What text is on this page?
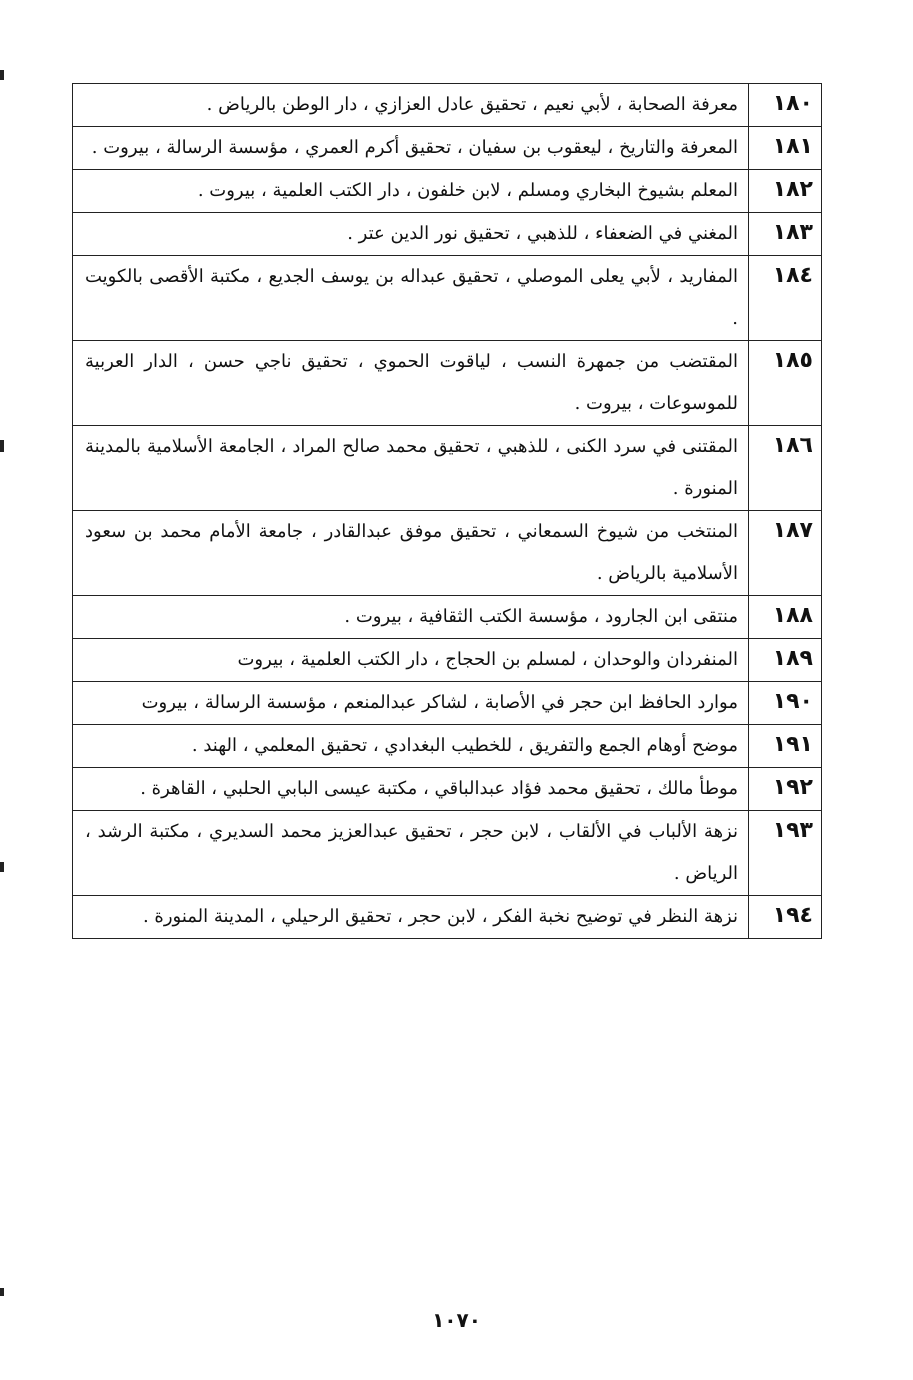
١٨٠	معرفة الصحابة ، لأبي نعيم ، تحقيق عادل العزازي ، دار الوطن بالرياض .
١٨١	المعرفة والتاريخ ، ليعقوب بن سفيان ، تحقيق أكرم العمري ، مؤسسة الرسالة ، بيروت .
١٨٢	المعلم بشيوخ البخاري ومسلم ، لابن خلفون ، دار الكتب العلمية ، بيروت .
١٨٣	المغني في الضعفاء ، للذهبي ، تحقيق نور الدين عتر .
١٨٤	المفاريد ، لأبي يعلى الموصلي ، تحقيق عبداله بن يوسف الجديع ، مكتبة الأقصى بالكويت .
١٨٥	المقتضب من جمهرة النسب ، لياقوت الحموي ، تحقيق ناجي حسن ، الدار العربية للموسوعات ، بيروت .
١٨٦	المقتنى في سرد الكنى ، للذهبي ، تحقيق محمد صالح المراد ، الجامعة الأسلامية بالمدينة المنورة .
١٨٧	المنتخب من شيوخ السمعاني ، تحقيق موفق عبدالقادر ، جامعة الأمام محمد بن سعود الأسلامية بالرياض .
١٨٨	منتقى ابن الجارود ، مؤسسة الكتب الثقافية ، بيروت .
١٨٩	المنفردان والوحدان ، لمسلم بن الحجاج ، دار الكتب العلمية ، بيروت
١٩٠	موارد الحافظ ابن حجر في الأصابة ، لشاكر عبدالمنعم ، مؤسسة الرسالة ، بيروت
١٩١	موضح أوهام الجمع والتفريق ، للخطيب البغدادي ، تحقيق المعلمي ، الهند .
١٩٢	موطأ مالك ، تحقيق محمد فؤاد عبدالباقي ، مكتبة عيسى البابي الحلبي ، القاهرة .
١٩٣	نزهة الألباب في الألقاب ، لابن حجر ، تحقيق عبدالعزيز محمد السديري ، مكتبة الرشد ، الرياض .
١٩٤	نزهة النظر في توضيح نخبة الفكر ، لابن حجر ، تحقيق الرحيلي ، المدينة المنورة .
١٠٧٠
